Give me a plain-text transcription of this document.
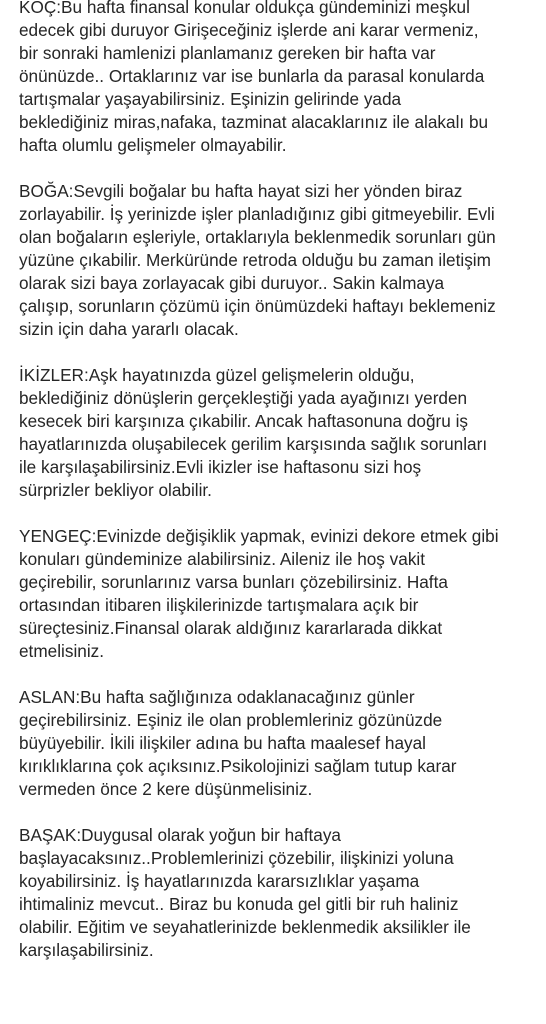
KOÇ:Bu hafta finansal konular oldukça gündeminizi meşkul
edecek gibi duruyor Girişeceğiniz işlerde ani karar vermeniz,
bir sonraki hamlenizi planlamanız gereken bir hafta var
önünüzde.. Ortaklarınız var ise bunlarla da parasal konularda
tartışmalar yaşayabilirsiniz. Eşinizin gelirinde yada
beklediğiniz miras,nafaka, tazminat alacaklarınız ile alakalı bu
hafta olumlu gelişmeler olmayabilir.
BOĞA:Sevgili boğalar bu hafta hayat sizi her yönden biraz
zorlayabilir. İş yerinizde işler planladığınız gibi gitmeyebilir. Evli
olan boğaların eşleriyle, ortaklarıyla beklenmedik sorunları gün
yüzüne çıkabilir. Merküründe retroda olduğu bu zaman iletişim
olarak sizi baya zorlayacak gibi duruyor.. Sakin kalmaya
çalışıp, sorunların çözümü için önümüzdeki haftayı beklemeniz
sizin için daha yararlı olacak.
İKİZLER:Aşk hayatınızda güzel gelişmelerin olduğu,
beklediğiniz dönüşlerin gerçekleştiği yada ayağınızı yerden
kesecek biri karşınıza çıkabilir. Ancak haftasonuna doğru iş
hayatlarınızda oluşabilecek gerilim karşısında sağlık sorunları
ile karşılaşabilirsiniz.Evli ikizler ise haftasonu sizi hoş
sürprizler bekliyor olabilir.
YENGEÇ:Evinizde değişiklik yapmak, evinizi dekore etmek gibi
konuları gündeminize alabilirsiniz. Aileniz ile hoş vakit
geçirebilir, sorunlarınız varsa bunları çözebilirsiniz. Hafta
ortasından itibaren ilişkilerinizde tartışmalara açık bir
süreçtesiniz.Finansal olarak aldığınız kararlarada dikkat
etmelisiniz.
ASLAN:Bu hafta sağlığınıza odaklanacağınız günler
geçirebilirsiniz. Eşiniz ile olan problemleriniz gözünüzde
büyüyebilir. İkili ilişkiler adına bu hafta maalesef hayal
kırıklıklarına çok açıksınız.Psikolojinizi sağlam tutup karar
vermeden önce 2 kere düşünmelisiniz.
BAŞAK:Duygusal olarak yoğun bir haftaya
başlayacaksınız..Problemlerinizi çözebilir, ilişkinizi yoluna
koyabilirsiniz. İş hayatlarınızda kararsızlıklar yaşama
ihtimaliniz mevcut.. Biraz bu konuda gel gitli bir ruh haliniz
olabilir. Eğitim ve seyahatlerinizde beklenmedik aksilikler ile
karşılaşabilirsiniz.
